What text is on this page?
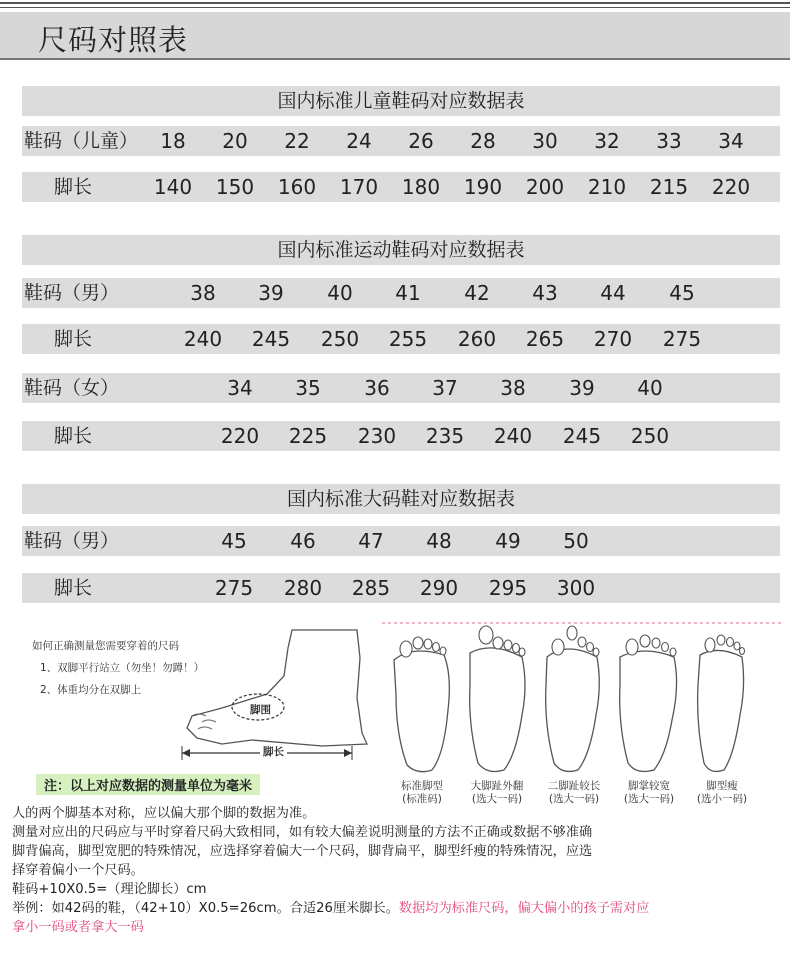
尺码对照表
国内标准儿童鞋码对应数据表
鞋码（儿童）	18	20	22	24	26	28	30	32	33	34
脚长	140	150	160	170	180	190	200	210	215	220
国内标准运动鞋码对应数据表
鞋码（男）	38	39	40	41	42	43	44	45
脚长	240	245	250	255	260	265	270	275
鞋码（女）	34	35	36	37	38	39	40
脚长	220	225	230	235	240	245	250
国内标准大码鞋对应数据表
鞋码（男）	45	46	47	48	49	50
脚长	275	280	285	290	295	300
如何正确测量您需要穿着的尺码
1、双脚平行站立（勿坐！勿蹲！）
2、体重均分在双脚上
脚围
脚长
标准脚型
(标准码)
大脚趾外翻
(选大一码)
二脚趾较长
(选大一码)
脚掌较宽
(选大一码)
脚型瘦
(选小一码)
注：以上对应数据的测量单位为毫米
人的两个脚基本对称，应以偏大那个脚的数据为准。
测量对应出的尺码应与平时穿着尺码大致相同，如有较大偏差说明测量的方法不正确或数据不够准确
脚背偏高，脚型宽肥的特殊情况，应选择穿着偏大一个尺码，脚背扁平，脚型纤瘦的特殊情况，应选
择穿着偏小一个尺码。
鞋码+10X0.5=（理论脚长）cm
举例：如42码的鞋，（42+10）X0.5=26cm。合适26厘米脚长。数据均为标准尺码，偏大偏小的孩子需对应
拿小一码或者拿大一码
